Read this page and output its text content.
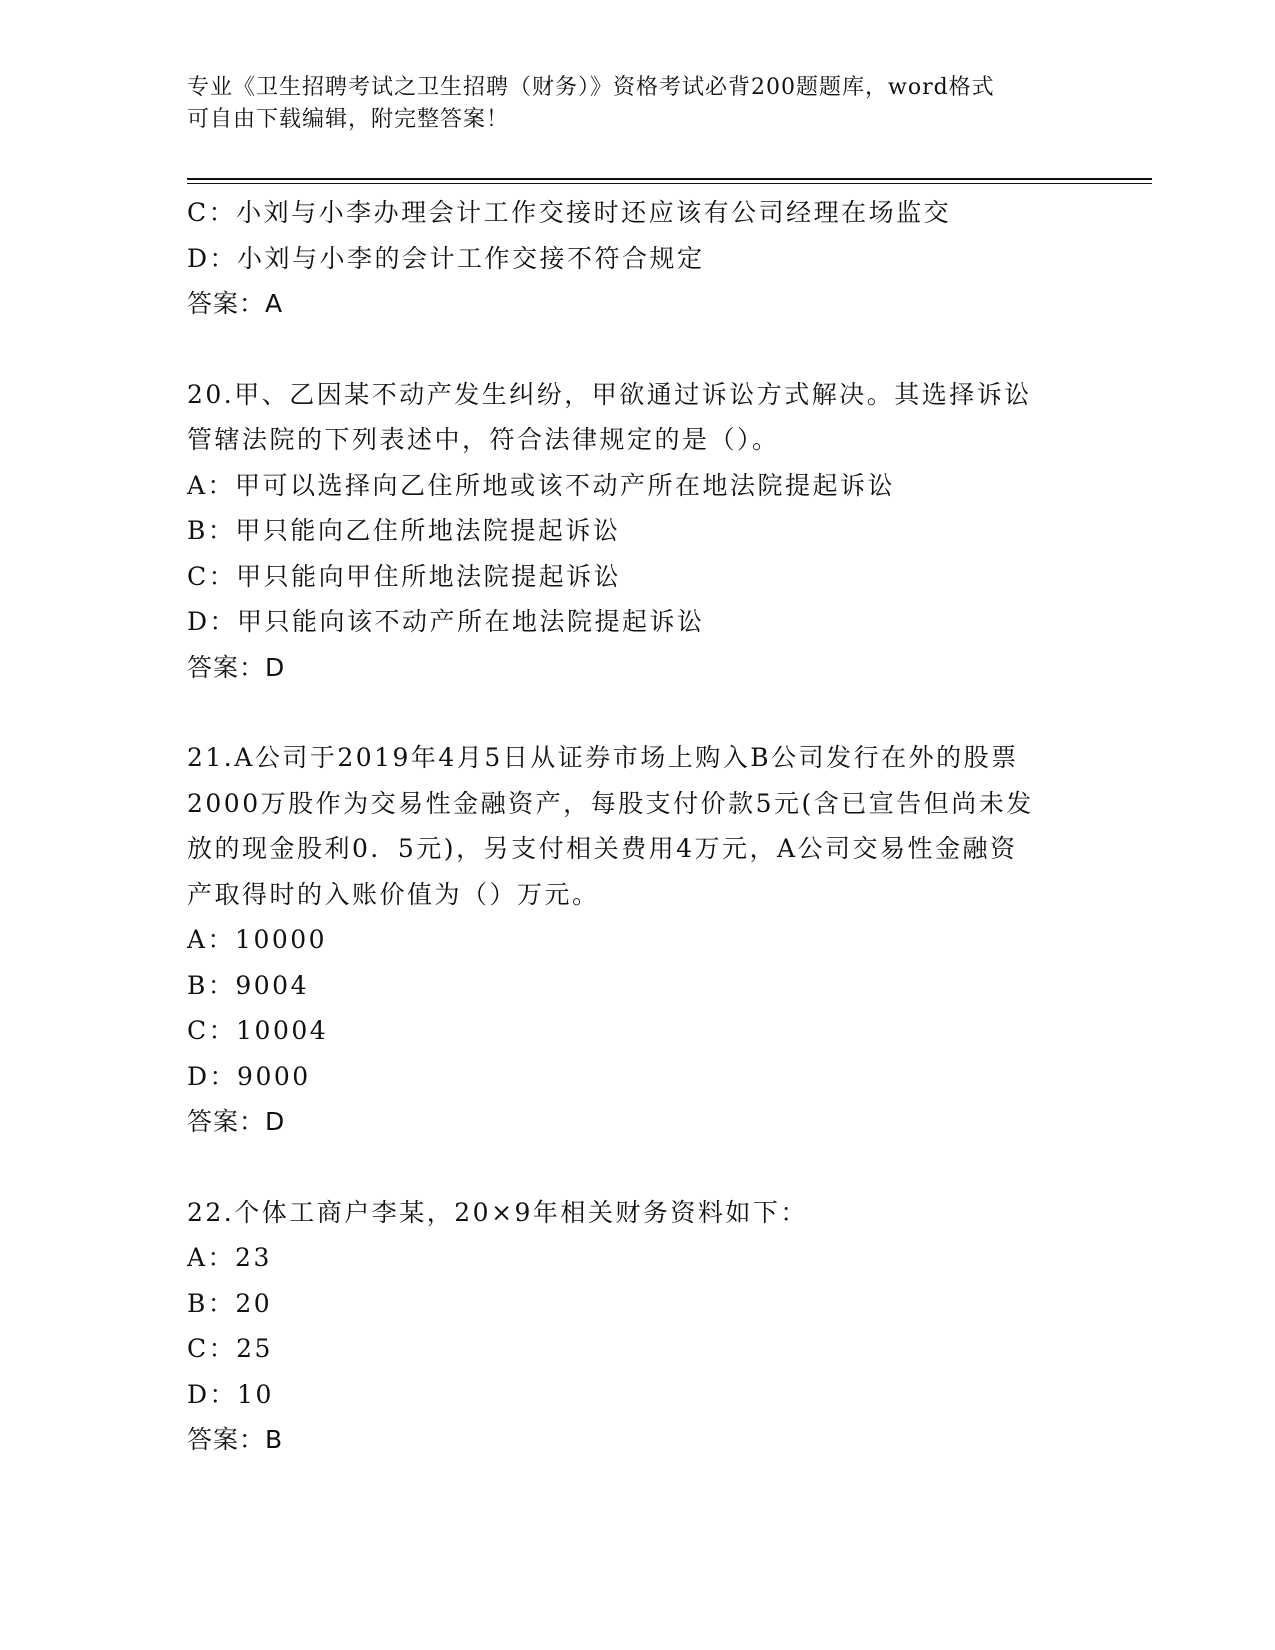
专业《卫生招聘考试之卫生招聘（财务）》资格考试必背200题题库，word格式
可自由下载编辑，附完整答案！

C：小刘与小李办理会计工作交接时还应该有公司经理在场监交

D：小刘与小李的会计工作交接不符合规定

答案：A

20.甲、乙因某不动产发生纠纷，甲欲通过诉讼方式解决。其选择诉讼

管辖法院的下列表述中，符合法律规定的是（）。

A：甲可以选择向乙住所地或该不动产所在地法院提起诉讼

B：甲只能向乙住所地法院提起诉讼

C：甲只能向甲住所地法院提起诉讼

D：甲只能向该不动产所在地法院提起诉讼

答案：D

21.A公司于2019年4月5日从证券市场上购入B公司发行在外的股票

2000万股作为交易性金融资产，每股支付价款5元(含已宣告但尚未发

放的现金股利0．5元)，另支付相关费用4万元，A公司交易性金融资

产取得时的入账价值为（）万元。

A：10000

B：9004

C：10004

D：9000

答案：D

22.个体工商户李某，20×9年相关财务资料如下：

A：23

B：20

C：25

D：10

答案：B
